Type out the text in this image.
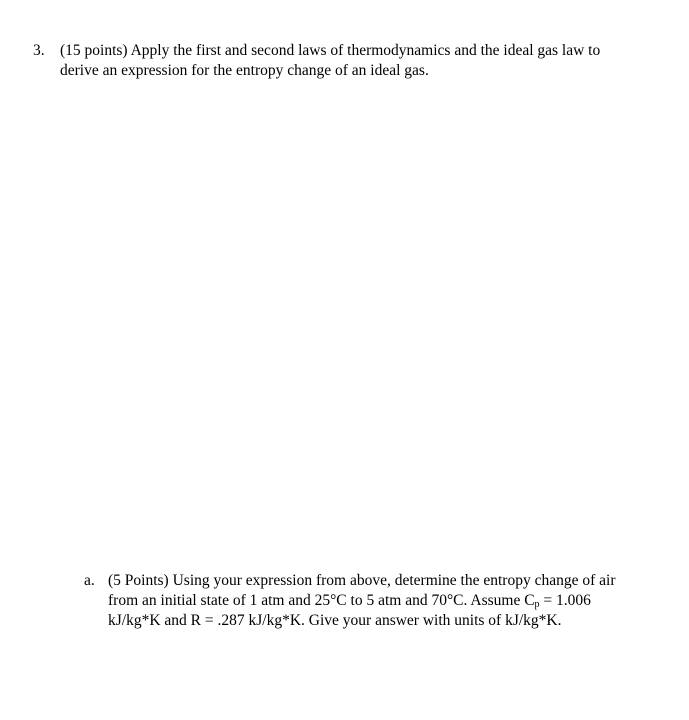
3. (15 points) Apply the first and second laws of thermodynamics and the ideal gas law to
derive an expression for the entropy change of an ideal gas.
a. (5 Points) Using your expression from above, determine the entropy change of air
from an initial state of 1 atm and 25°C to 5 atm and 70°C. Assume $C_p = 1.006$
kJ/kg*K and R = .287 kJ/kg*K. Give your answer with units of kJ/kg*K.
